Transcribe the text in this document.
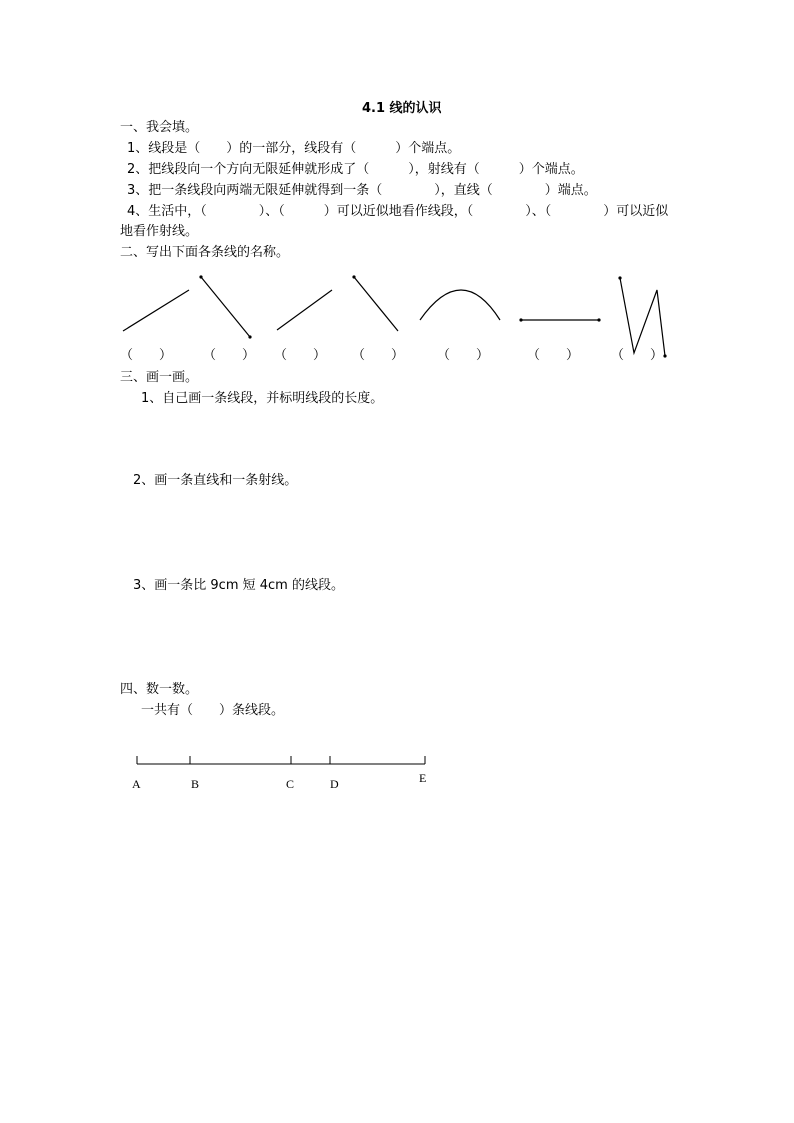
4.1 线的认识
一、我会填。
1、线段是（　　）的一部分，线段有（　　　）个端点。
2、把线段向一个方向无限延伸就形成了（　　　），射线有（　　　）个端点。
3、把一条线段向两端无限延伸就得到一条（　　　　），直线（　　　　）端点。
4、生活中，（　　　　）、（　　　）可以近似地看作线段，（　　　　）、（　　　　）可以近似
地看作射线。
二、写出下面各条线的名称。
（　　） （　　） （　　） （　　）	（　　）	（　　） （　　）
三、画一画。
1、自己画一条线段，并标明线段的长度。
2、画一条直线和一条射线。
3、画一条比 9cm 短 4cm 的线段。
四、数一数。
一共有（　　）条线段。
A	B	C	D	E
